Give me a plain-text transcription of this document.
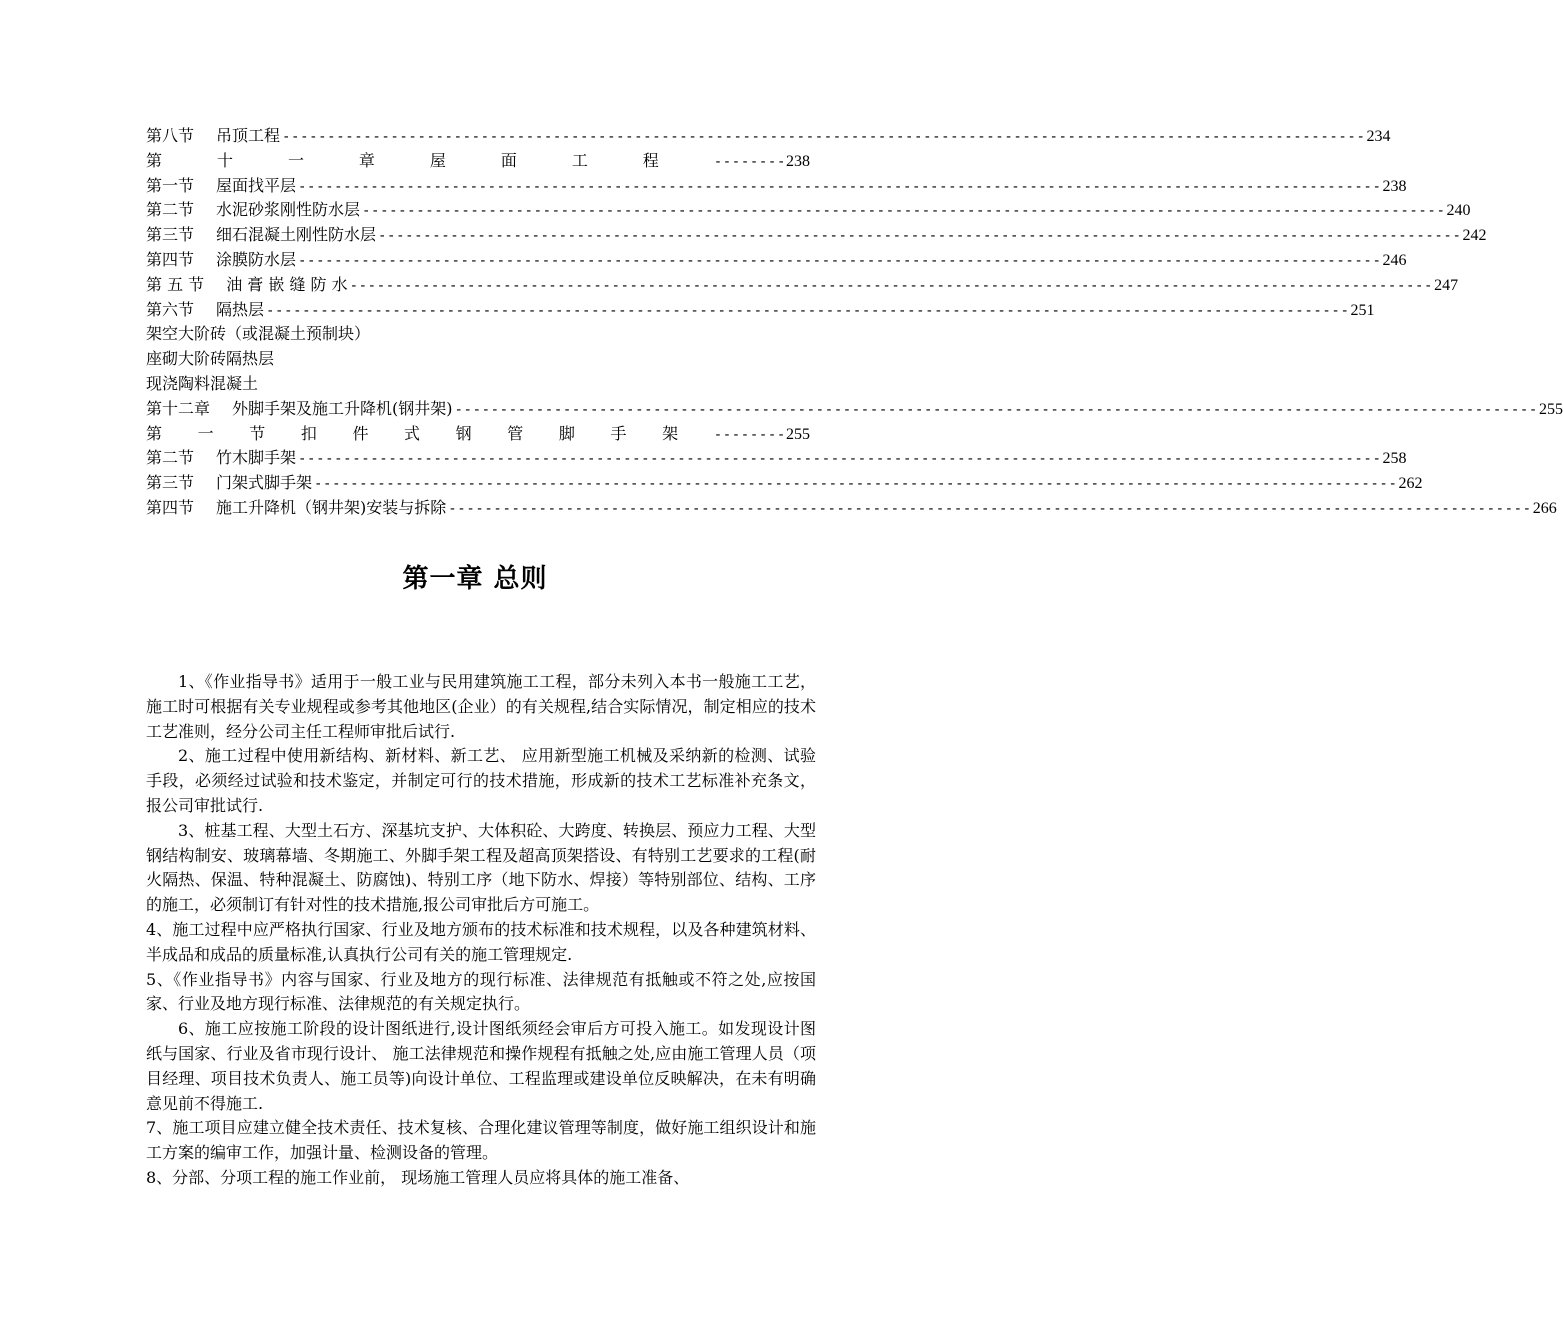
第八节 吊顶工程 ------------------------------------------------------------------------------------------------------------------------ 234
第	十	一	章	屋	面	工	程	-------- 238
第一节 屋面找平层 ------------------------------------------------------------------------------------------------------------------------ 238
第二节 水泥砂浆刚性防水层 ------------------------------------------------------------------------------------------------------------------------ 240
第三节 细石混凝土刚性防水层 ------------------------------------------------------------------------------------------------------------------------ 242
第四节 涂膜防水层 ------------------------------------------------------------------------------------------------------------------------ 246
第 五 节 油 膏 嵌 缝 防 水 ------------------------------------------------------------------------------------------------------------------------ 247
第六节 隔热层 ------------------------------------------------------------------------------------------------------------------------ 251
架空大阶砖（或混凝土预制块）
座砌大阶砖隔热层
现浇陶料混凝土
第十二章 外脚手架及施工升降机(钢井架) ------------------------------------------------------------------------------------------------------------------------ 255
第 一 节 扣 件 式 钢 管 脚 手 架	-------- 255
第二节 竹木脚手架 ------------------------------------------------------------------------------------------------------------------------ 258
第三节 门架式脚手架 ------------------------------------------------------------------------------------------------------------------------ 262
第四节 施工升降机（钢井架)安装与拆除 ------------------------------------------------------------------------------------------------------------------------ 266
第一章 总则

1、《作业指导书》适用于一般工业与民用建筑施工工程，部分未列入本书一般施工工艺，施工时可根据有关专业规程或参考其他地区(企业）的有关规程,结合实际情况，制定相应的技术工艺准则，经分公司主任工程师审批后试行.

2、施工过程中使用新结构、新材料、新工艺、 应用新型施工机械及采纳新的检测、试验手段，必须经过试验和技术鉴定，并制定可行的技术措施，形成新的技术工艺标准补充条文，报公司审批试行.

3、桩基工程、大型土石方、深基坑支护、大体积砼、大跨度、转换层、预应力工程、大型钢结构制安、玻璃幕墙、冬期施工、外脚手架工程及超高顶架搭设、有特别工艺要求的工程(耐火隔热、保温、特种混凝土、防腐蚀)、特别工序（地下防水、焊接）等特别部位、结构、工序的施工，必须制订有针对性的技术措施,报公司审批后方可施工。

4、施工过程中应严格执行国家、行业及地方颁布的技术标准和技术规程，以及各种建筑材料、半成品和成品的质量标准,认真执行公司有关的施工管理规定.

5、《作业指导书》内容与国家、行业及地方的现行标准、法律规范有抵触或不符之处,应按国家、行业及地方现行标准、法律规范的有关规定执行。

6、施工应按施工阶段的设计图纸进行,设计图纸须经会审后方可投入施工。如发现设计图纸与国家、行业及省市现行设计、 施工法律规范和操作规程有抵触之处,应由施工管理人员（项目经理、项目技术负责人、施工员等)向设计单位、工程监理或建设单位反映解决，在未有明确意见前不得施工.

7、施工项目应建立健全技术责任、技术复核、合理化建议管理等制度，做好施工组织设计和施工方案的编审工作，加强计量、检测设备的管理。

8、分部、分项工程的施工作业前， 现场施工管理人员应将具体的施工准备、
